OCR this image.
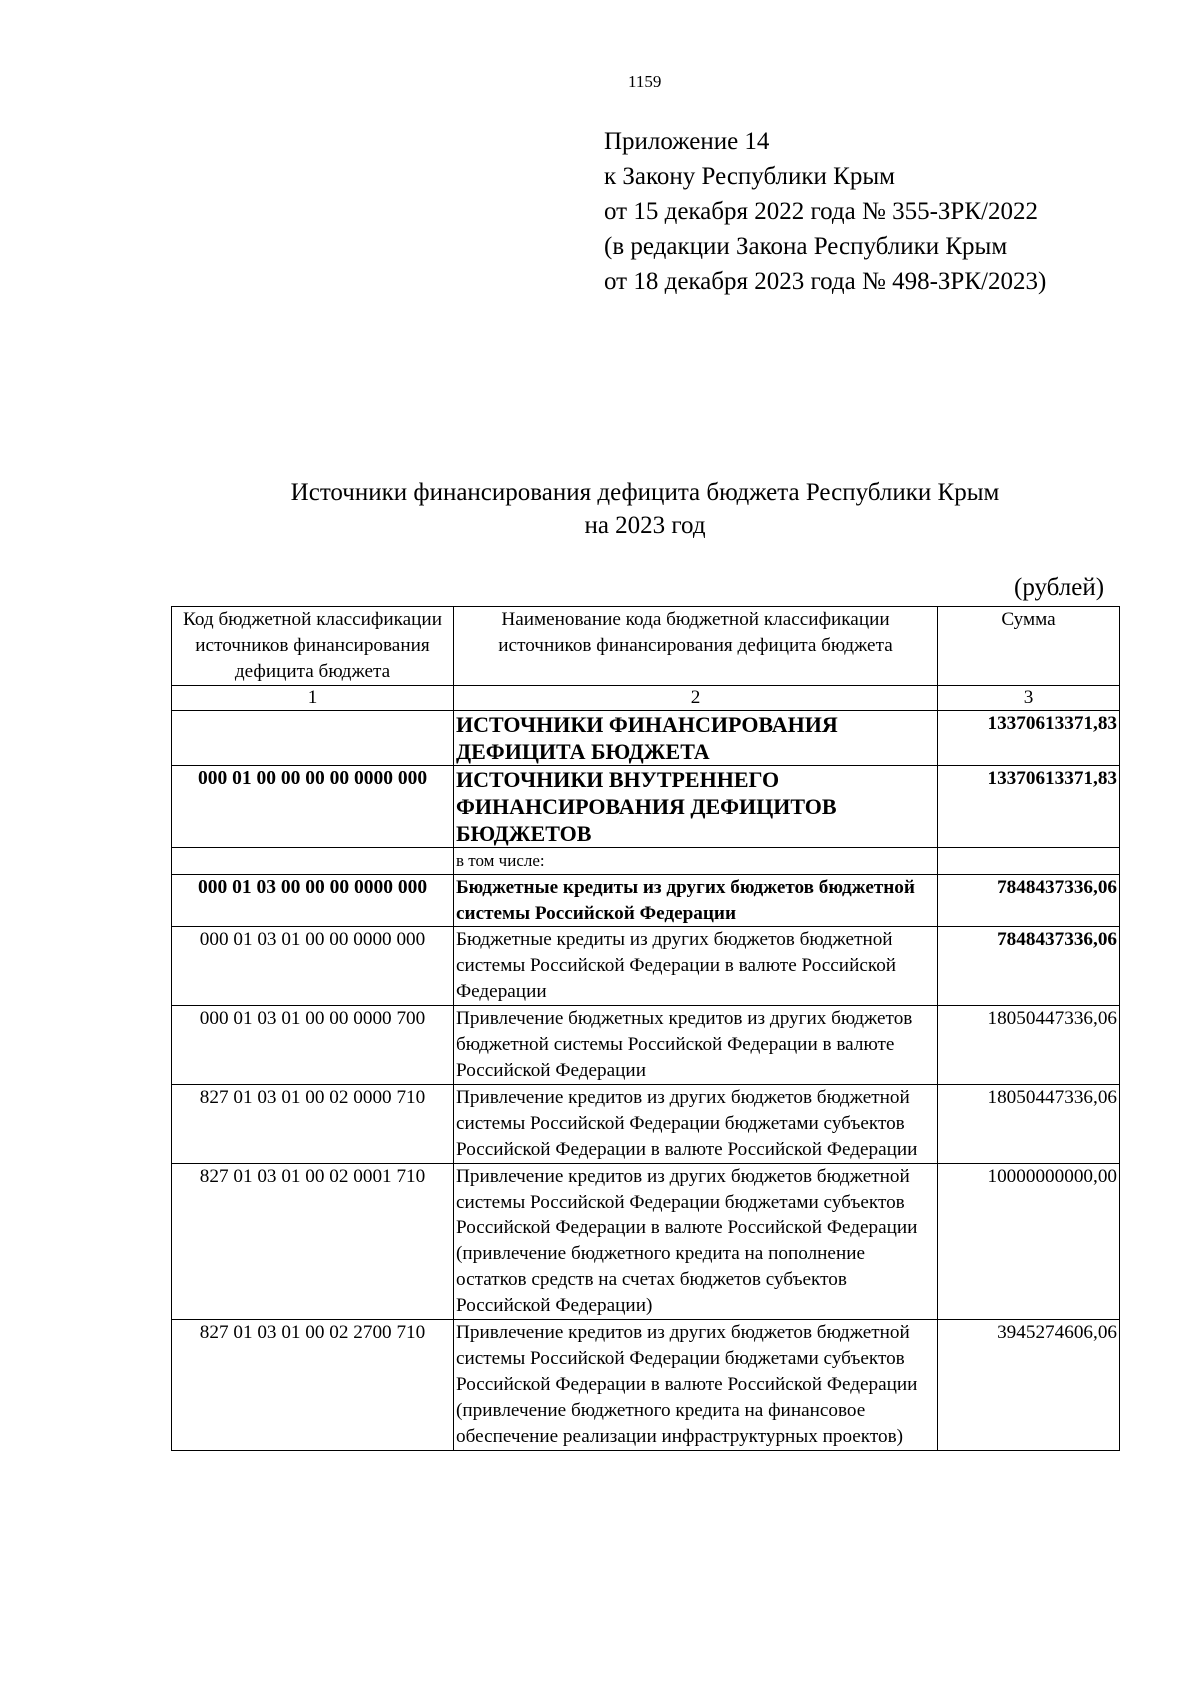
1159
Приложение 14
к Закону Республики Крым
от 15 декабря 2022 года № 355-ЗРК/2022
(в редакции Закона Республики Крым
от 18 декабря 2023 года № 498-ЗРК/2023)
Источники финансирования дефицита бюджета Республики Крым
на 2023 год
(рублей)
Код бюджетной классификации источников финансирования дефицита бюджета	Наименование кода бюджетной классификации источников финансирования дефицита бюджета	Сумма
1	2	3
	ИСТОЧНИКИ ФИНАНСИРОВАНИЯ ДЕФИЦИТА БЮДЖЕТА	13370613371,83
000 01 00 00 00 00 0000 000	ИСТОЧНИКИ ВНУТРЕННЕГО ФИНАНСИРОВАНИЯ ДЕФИЦИТОВ БЮДЖЕТОВ	13370613371,83
	в том числе:	
000 01 03 00 00 00 0000 000	Бюджетные кредиты из других бюджетов бюджетной системы Российской Федерации	7848437336,06
000 01 03 01 00 00 0000 000	Бюджетные кредиты из других бюджетов бюджетной системы Российской Федерации в валюте Российской Федерации	7848437336,06
000 01 03 01 00 00 0000 700	Привлечение бюджетных кредитов из других бюджетов бюджетной системы Российской Федерации в валюте Российской Федерации	18050447336,06
827 01 03 01 00 02 0000 710	Привлечение кредитов из других бюджетов бюджетной системы Российской Федерации бюджетами субъектов Российской Федерации в валюте Российской Федерации	18050447336,06
827 01 03 01 00 02 0001 710	Привлечение кредитов из других бюджетов бюджетной системы Российской Федерации бюджетами субъектов Российской Федерации в валюте Российской Федерации (привлечение бюджетного кредита на пополнение остатков средств на счетах бюджетов субъектов Российской Федерации)	10000000000,00
827 01 03 01 00 02 2700 710	Привлечение кредитов из других бюджетов бюджетной системы Российской Федерации бюджетами субъектов Российской Федерации в валюте Российской Федерации (привлечение бюджетного кредита на финансовое обеспечение реализации инфраструктурных проектов)	3945274606,06
